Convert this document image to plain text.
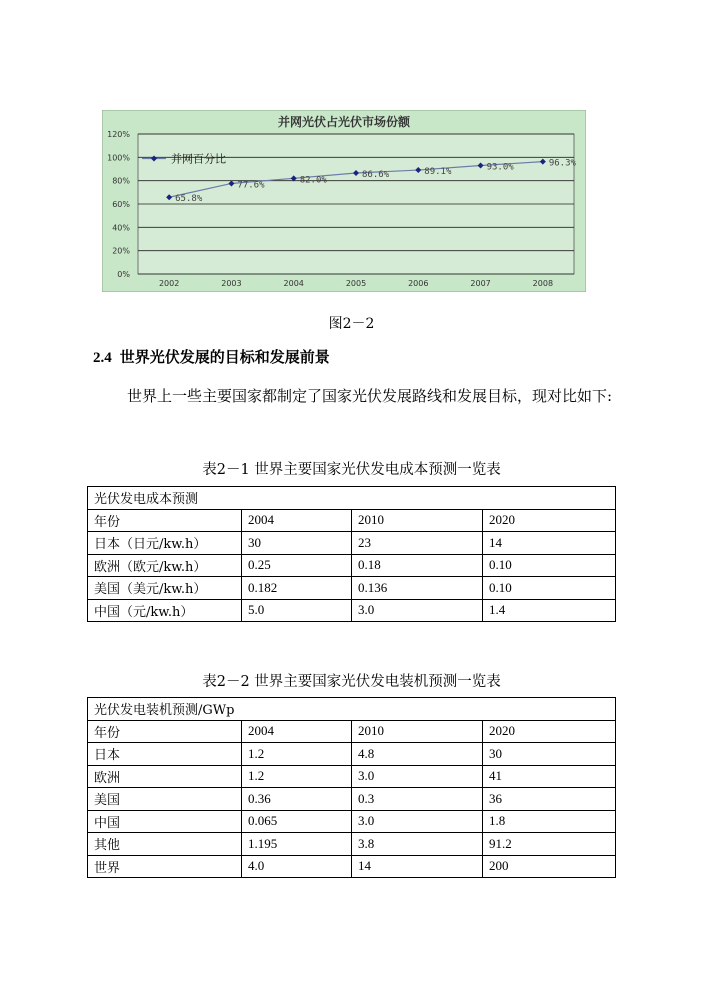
并网光伏占光伏市场份额
0%
20%
40%
60%
80%
100%
120%
2002	2003	2004	2005	2006	2007	2008
65.8%
77.6%
82.0%
86.6%	89.1%	93.0%	96.3%
并网百分比
图2－2
2.4 世界光伏发展的目标和发展前景
世界上一些主要国家都制定了国家光伏发展路线和发展目标，现对比如下:
表2－1 世界主要国家光伏发电成本预测一览表
光伏发电成本预测			
年份	2004	2010	2020
日本（日元/kw.h）	30	23	14
欧洲（欧元/kw.h）	0.25	0.18	0.10
美国（美元/kw.h）	0.182	0.136	0.10
中国（元/kw.h）	5.0	3.0	1.4
表2－2 世界主要国家光伏发电装机预测一览表
光伏发电装机预测/GWp			
年份	2004	2010	2020
日本	1.2	4.8	30
欧洲	1.2	3.0	41
美国	0.36	0.3	36
中国	0.065	3.0	1.8
其他	1.195	3.8	91.2
世界	4.0	14	200
